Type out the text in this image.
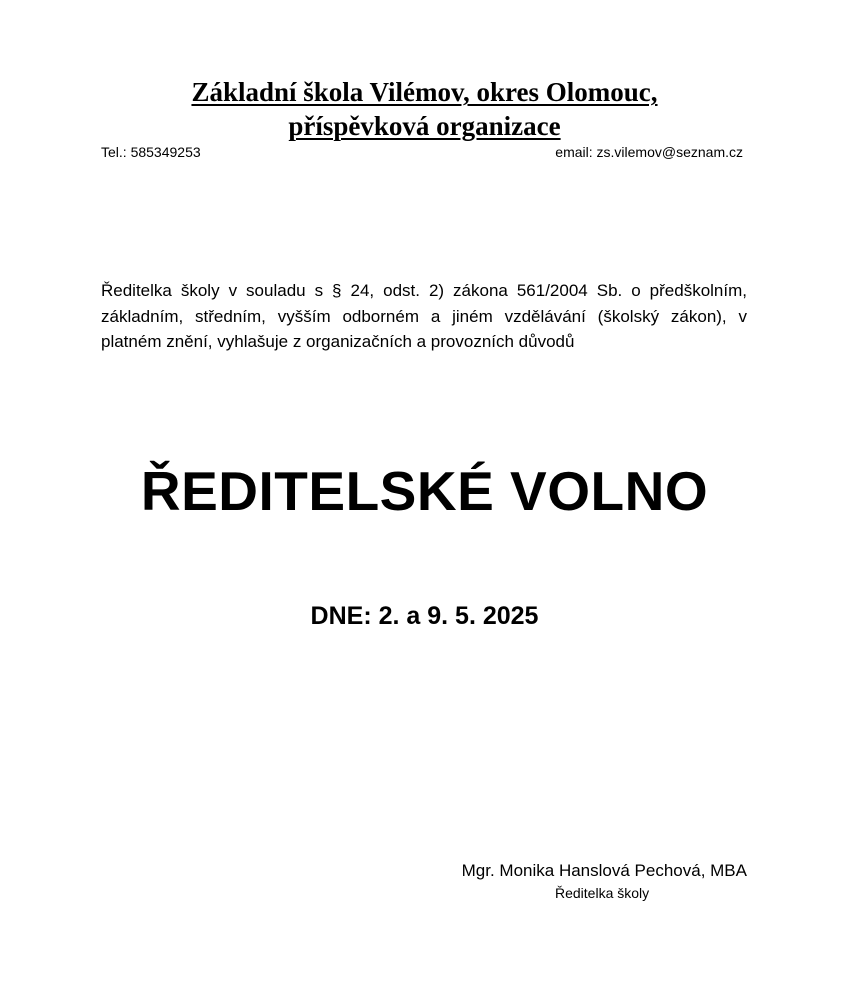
Základní škola Vilémov, okres Olomouc,
příspěvková organizace
Tel.: 585349253	email: zs.vilemov@seznam.cz
Ředitelka školy v souladu s § 24, odst. 2) zákona 561/2004 Sb. o předškolním, základním, středním, vyšším odborném a jiném vzdělávání (školský zákon), v platném znění, vyhlašuje z organizačních a provozních důvodů
ŘEDITELSKÉ VOLNO
DNE: 2. a 9. 5. 2025
Mgr. Monika Hanslová Pechová, MBA
Ředitelka školy
